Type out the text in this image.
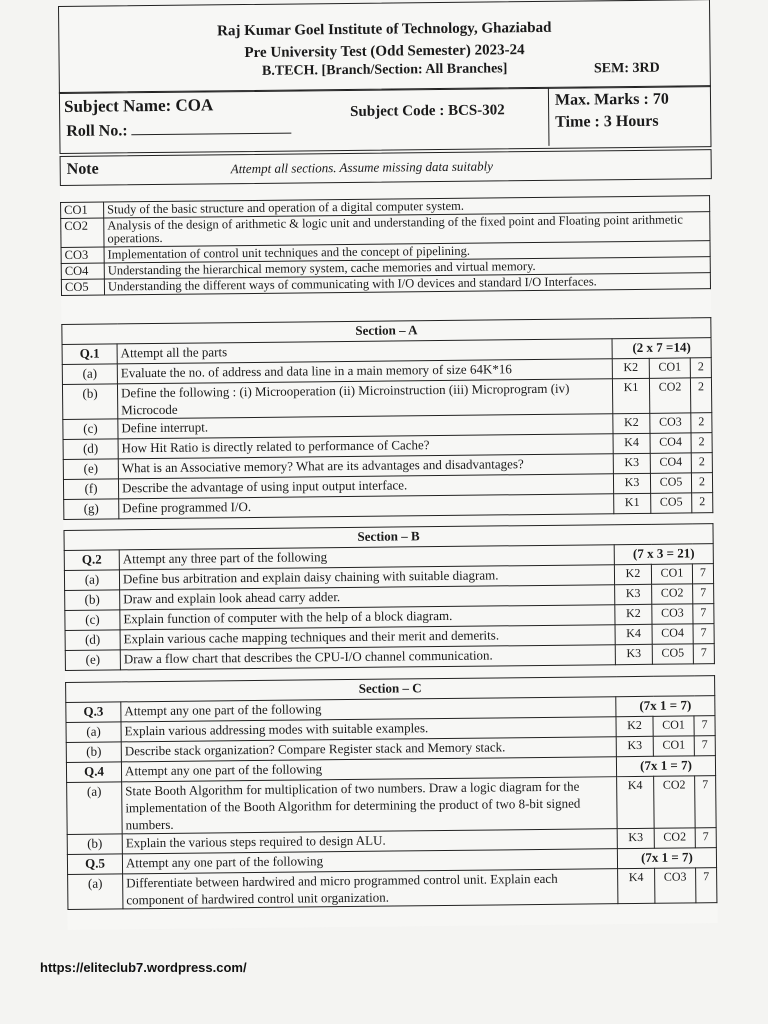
Raj Kumar Goel Institute of Technology, Ghaziabad
Pre University Test (Odd Semester) 2023-24
B.TECH. [Branch/Section: All Branches]	SEM: 3RD
Subject Name: COA
Roll No.:
Subject Code : BCS-302
Max. Marks : 70
Time : 3 Hours
Note	Attempt all sections. Assume missing data suitably
CO1	Study of the basic structure and operation of a digital computer system.
CO2	Analysis of the design of arithmetic & logic unit and understanding of the fixed point and Floating point arithmetic operations.
CO3	Implementation of control unit techniques and the concept of pipelining.
CO4	Understanding the hierarchical memory system, cache memories and virtual memory.
CO5	Understanding the different ways of communicating with I/O devices and standard I/O Interfaces.
Section – A				
Q.1	Attempt all the parts	(2 x 7 =14)		
(a)	Evaluate the no. of address and data line in a main memory of size 64K*16	K2	CO1	2
(b)	Define the following : (i) Microoperation (ii) Microinstruction (iii) Microprogram (iv) Microcode	K1	CO2	2
(c)	Define interrupt.	K2	CO3	2
(d)	How Hit Ratio is directly related to performance of Cache?	K4	CO4	2
(e)	What is an Associative memory? What are its advantages and disadvantages?	K3	CO4	2
(f)	Describe the advantage of using input output interface.	K3	CO5	2
(g)	Define programmed I/O.	K1	CO5	2
Section – B				
Q.2	Attempt any three part of the following	(7 x 3 = 21)		
(a)	Define bus arbitration and explain daisy chaining with suitable diagram.	K2	CO1	7
(b)	Draw and explain look ahead carry adder.	K3	CO2	7
(c)	Explain function of computer with the help of a block diagram.	K2	CO3	7
(d)	Explain various cache mapping techniques and their merit and demerits.	K4	CO4	7
(e)	Draw a flow chart that describes the CPU-I/O channel communication.	K3	CO5	7
Section – C				
Q.3	Attempt any one part of the following	(7x 1 = 7)		
(a)	Explain various addressing modes with suitable examples.	K2	CO1	7
(b)	Describe stack organization? Compare Register stack and Memory stack.	K3	CO1	7
Q.4	Attempt any one part of the following	(7x 1 = 7)		
(a)	State Booth Algorithm for multiplication of two numbers. Draw a logic diagram for the implementation of the Booth Algorithm for determining the product of two 8-bit signed numbers.	K4	CO2	7
(b)	Explain the various steps required to design ALU.	K3	CO2	7
Q.5	Attempt any one part of the following	(7x 1 = 7)		
(a)	Differentiate between hardwired and micro programmed control unit. Explain each component of hardwired control unit organization.	K4	CO3	7
https://eliteclub7.wordpress.com/
